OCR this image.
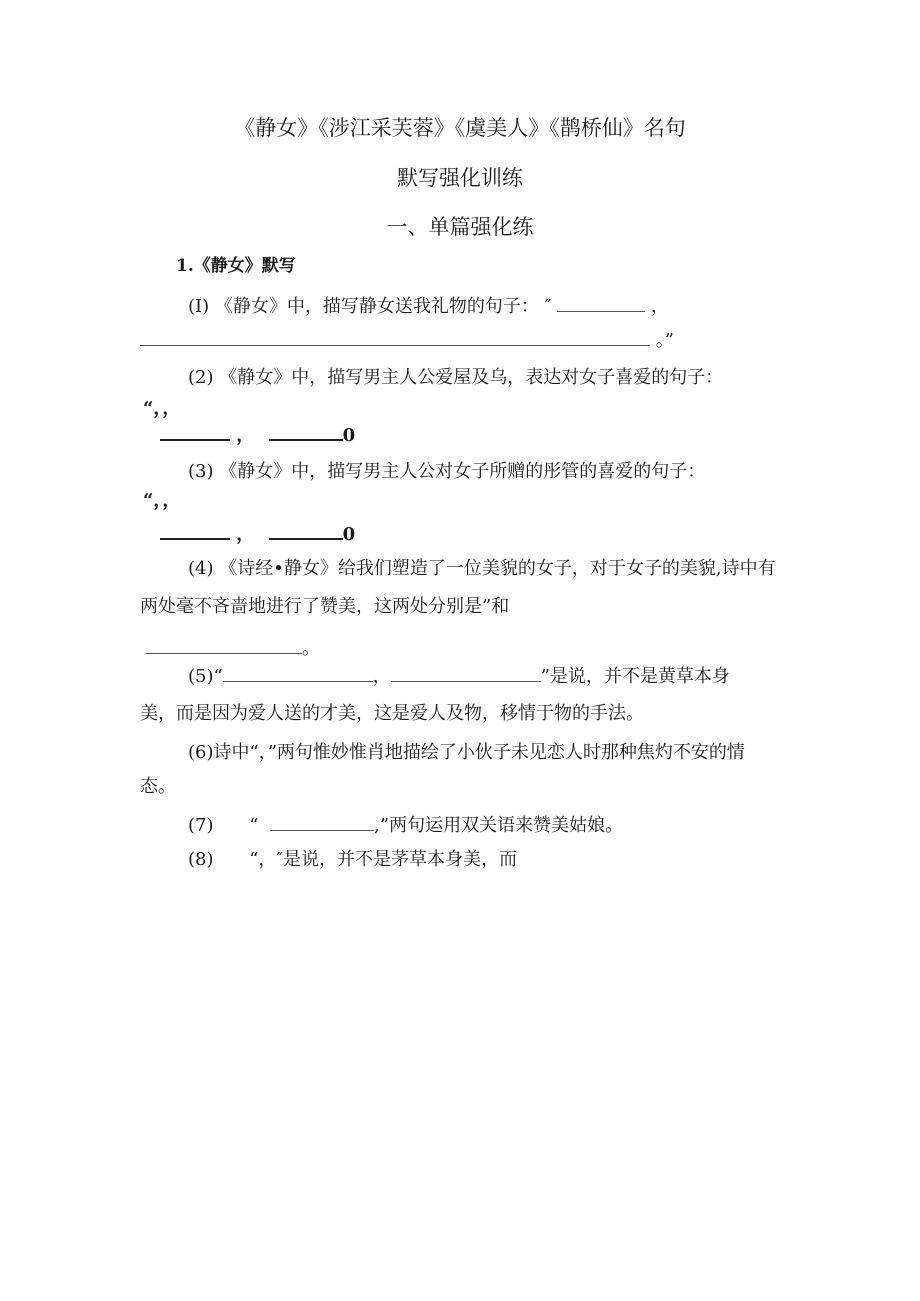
《静女》《涉江采芙蓉》《虞美人》《鹊桥仙》名句
默写强化训练
一、单篇强化练
1.《静女》默写
(I) 《静女》中，描写静女送我礼物的句子： ″	，
。”
(2) 《静女》中，描写男主人公爱屋及乌，表达对女子喜爱的句子：
“，，
，	0
(3) 《静女》中，描写男主人公对女子所赠的彤管的喜爱的句子：
“，，
，	0
(4) 《诗经•静女》给我们塑造了一位美貌的女子，对于女子的美貌,诗中有
两处毫不吝啬地进行了赞美，这两处分别是”和
。
(5)“	，	”是说，并不是黄草本身
美，而是因为爱人送的才美，这是爱人及物，移情于物的手法。
(6)诗中“，”两句惟妙惟肖地描绘了小伙子未见恋人时那种焦灼不安的情
态。
(7) “	,”两句运用双关语来赞美姑娘。
(8) “，″是说，并不是茅草本身美，而
